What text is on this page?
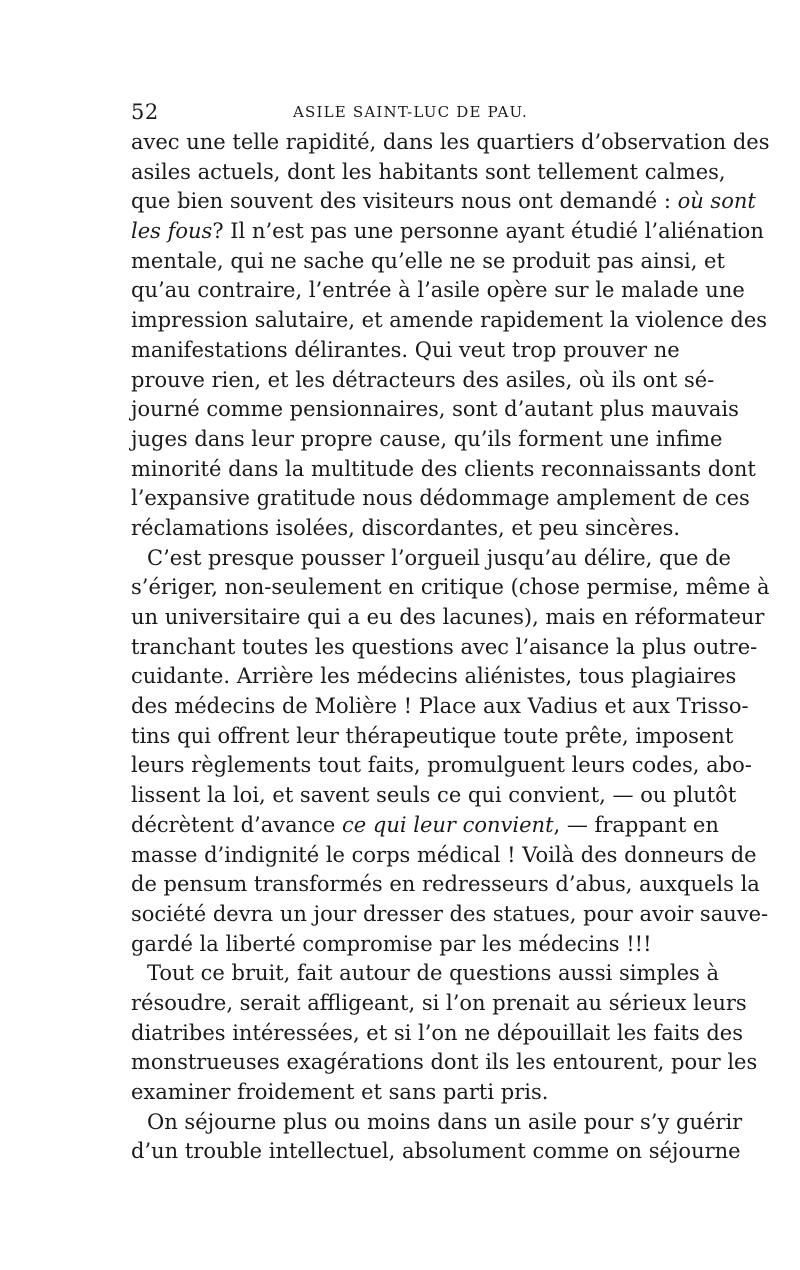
52	ASILE SAINT-LUC DE PAU.
avec une telle rapidité, dans les quartiers d’observation des
asiles actuels, dont les habitants sont tellement calmes,
que bien souvent des visiteurs nous ont demandé : où sont
les fous? Il n’est pas une personne ayant étudié l’aliénation
mentale, qui ne sache qu’elle ne se produit pas ainsi, et
qu’au contraire, l’entrée à l’asile opère sur le malade une
impression salutaire, et amende rapidement la violence des
manifestations délirantes. Qui veut trop prouver ne
prouve rien, et les détracteurs des asiles, où ils ont sé-
journé comme pensionnaires, sont d’autant plus mauvais
juges dans leur propre cause, qu’ils forment une infime
minorité dans la multitude des clients reconnaissants dont
l’expansive gratitude nous dédommage amplement de ces
réclamations isolées, discordantes, et peu sincères.
C’est presque pousser l’orgueil jusqu’au délire, que de
s’ériger, non-seulement en critique (chose permise, même à
un universitaire qui a eu des lacunes), mais en réformateur
tranchant toutes les questions avec l’aisance la plus outre-
cuidante. Arrière les médecins aliénistes, tous plagiaires
des médecins de Molière ! Place aux Vadius et aux Trisso-
tins qui offrent leur thérapeutique toute prête, imposent
leurs règlements tout faits, promulguent leurs codes, abo-
lissent la loi, et savent seuls ce qui convient, — ou plutôt
décrètent d’avance ce qui leur convient, — frappant en
masse d’indignité le corps médical ! Voilà des donneurs de
de pensum transformés en redresseurs d’abus, auxquels la
société devra un jour dresser des statues, pour avoir sauve-
gardé la liberté compromise par les médecins !!!
Tout ce bruit, fait autour de questions aussi simples à
résoudre, serait affligeant, si l’on prenait au sérieux leurs
diatribes intéressées, et si l’on ne dépouillait les faits des
monstrueuses exagérations dont ils les entourent, pour les
examiner froidement et sans parti pris.
On séjourne plus ou moins dans un asile pour s’y guérir
d’un trouble intellectuel, absolument comme on séjourne
